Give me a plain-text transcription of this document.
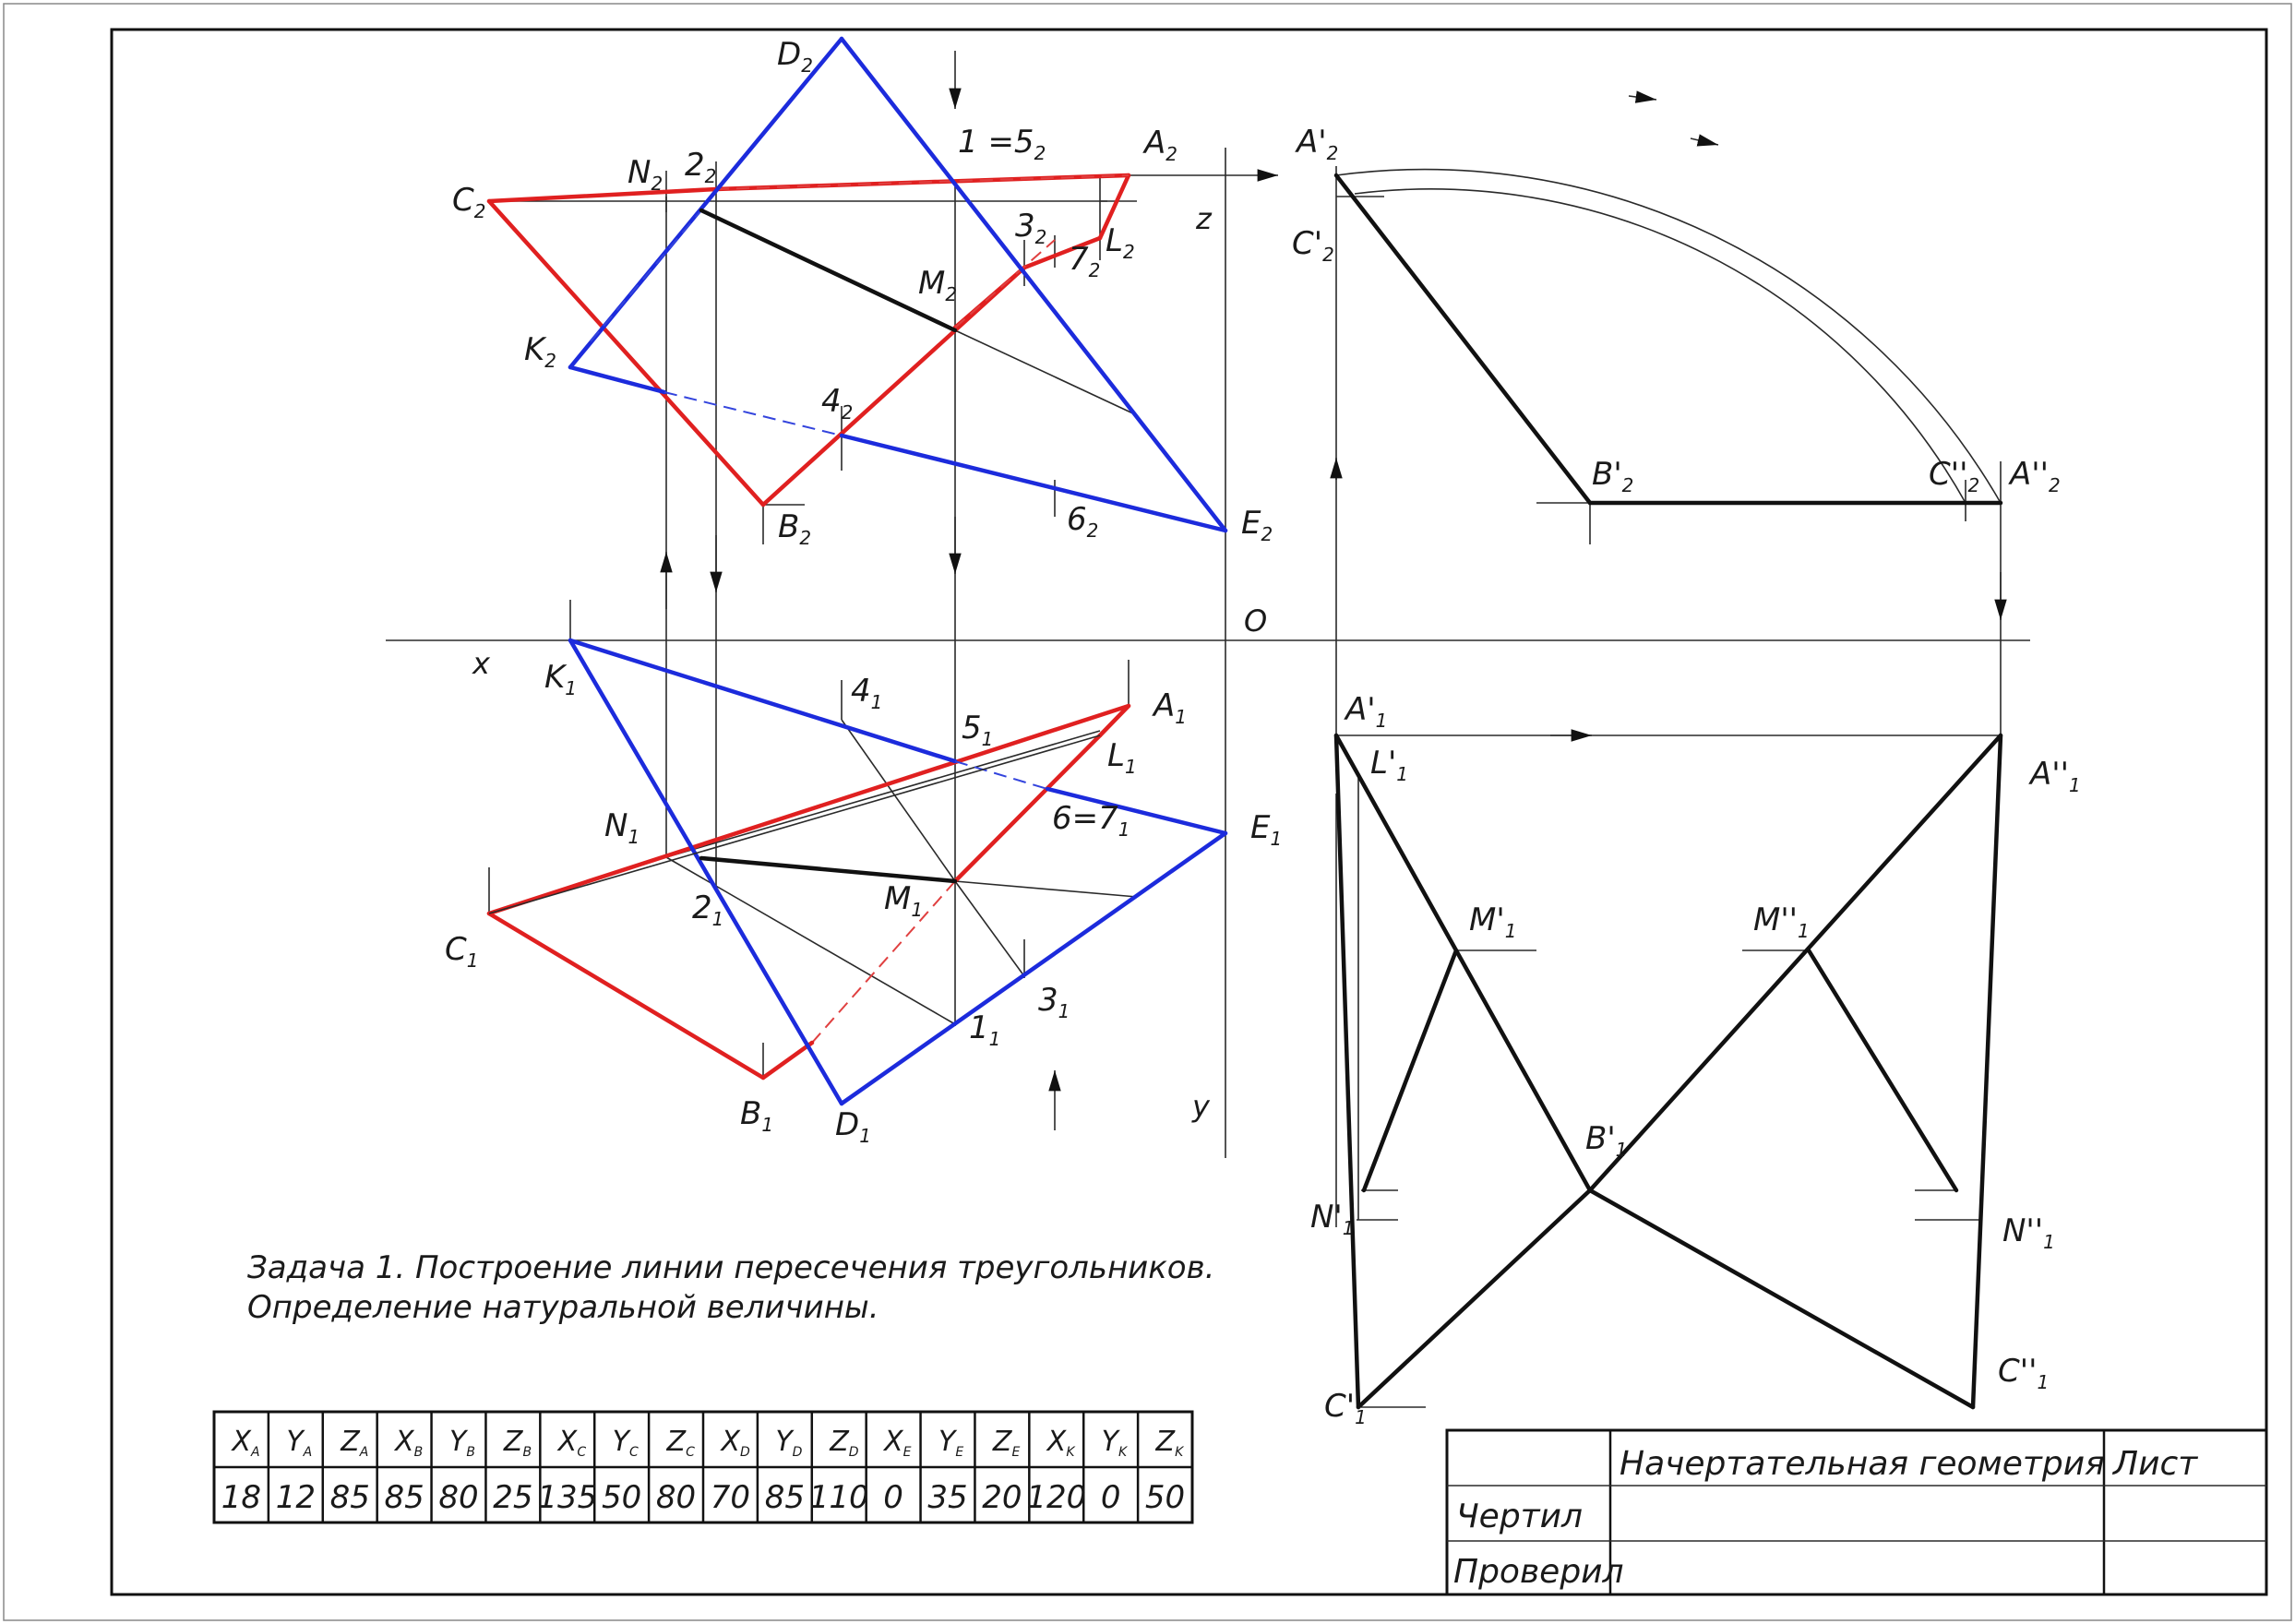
x
y
z
O
$A_2$
$B_2$
$C_2$
$D_2$
$E_2$
$K_2$
$N_2$
$M_2$
$L_2$
$1 =5_2$
$2_2$
$3_2$
$4_2$
$6_2$
$7_2$
$A_1$
$B_1$
$C_1$
$D_1$
$E_1$
$K_1$
$N_1$
$M_1$
$L_1$
$1_1$
$2_1$
$3_1$
$4_1$
$5_1$
$6=7_1$
$A'_2$
$C'_2$
$B'_2$	$C''_2$ $A''_2$
$A'_1$
$L'_1$
$M'_1$
$N'_1$
$B'_1$
$C'_1$
$M''_1$
$A''_1$
$N''_1$
$C''_1$
Задача 1. Построение линии пересечения треугольников.
Определение натуральной величины.
$X_A$ $Y_A$ $Z_A$ $X_B$ $Y_B$ $Z_B$ $X_C$ $Y_C$ $Z_C$ $X_D$ $Y_D$ $Z_D$ $X_E$ $Y_E$ $Z_E$ $X_K$ $Y_K$ $Z_K$
18 12 85 85 80 25 135 50 80 70 85 110 0 35 20 120 0 50
Начертательная геометрия Лист
Чертил
Проверил
